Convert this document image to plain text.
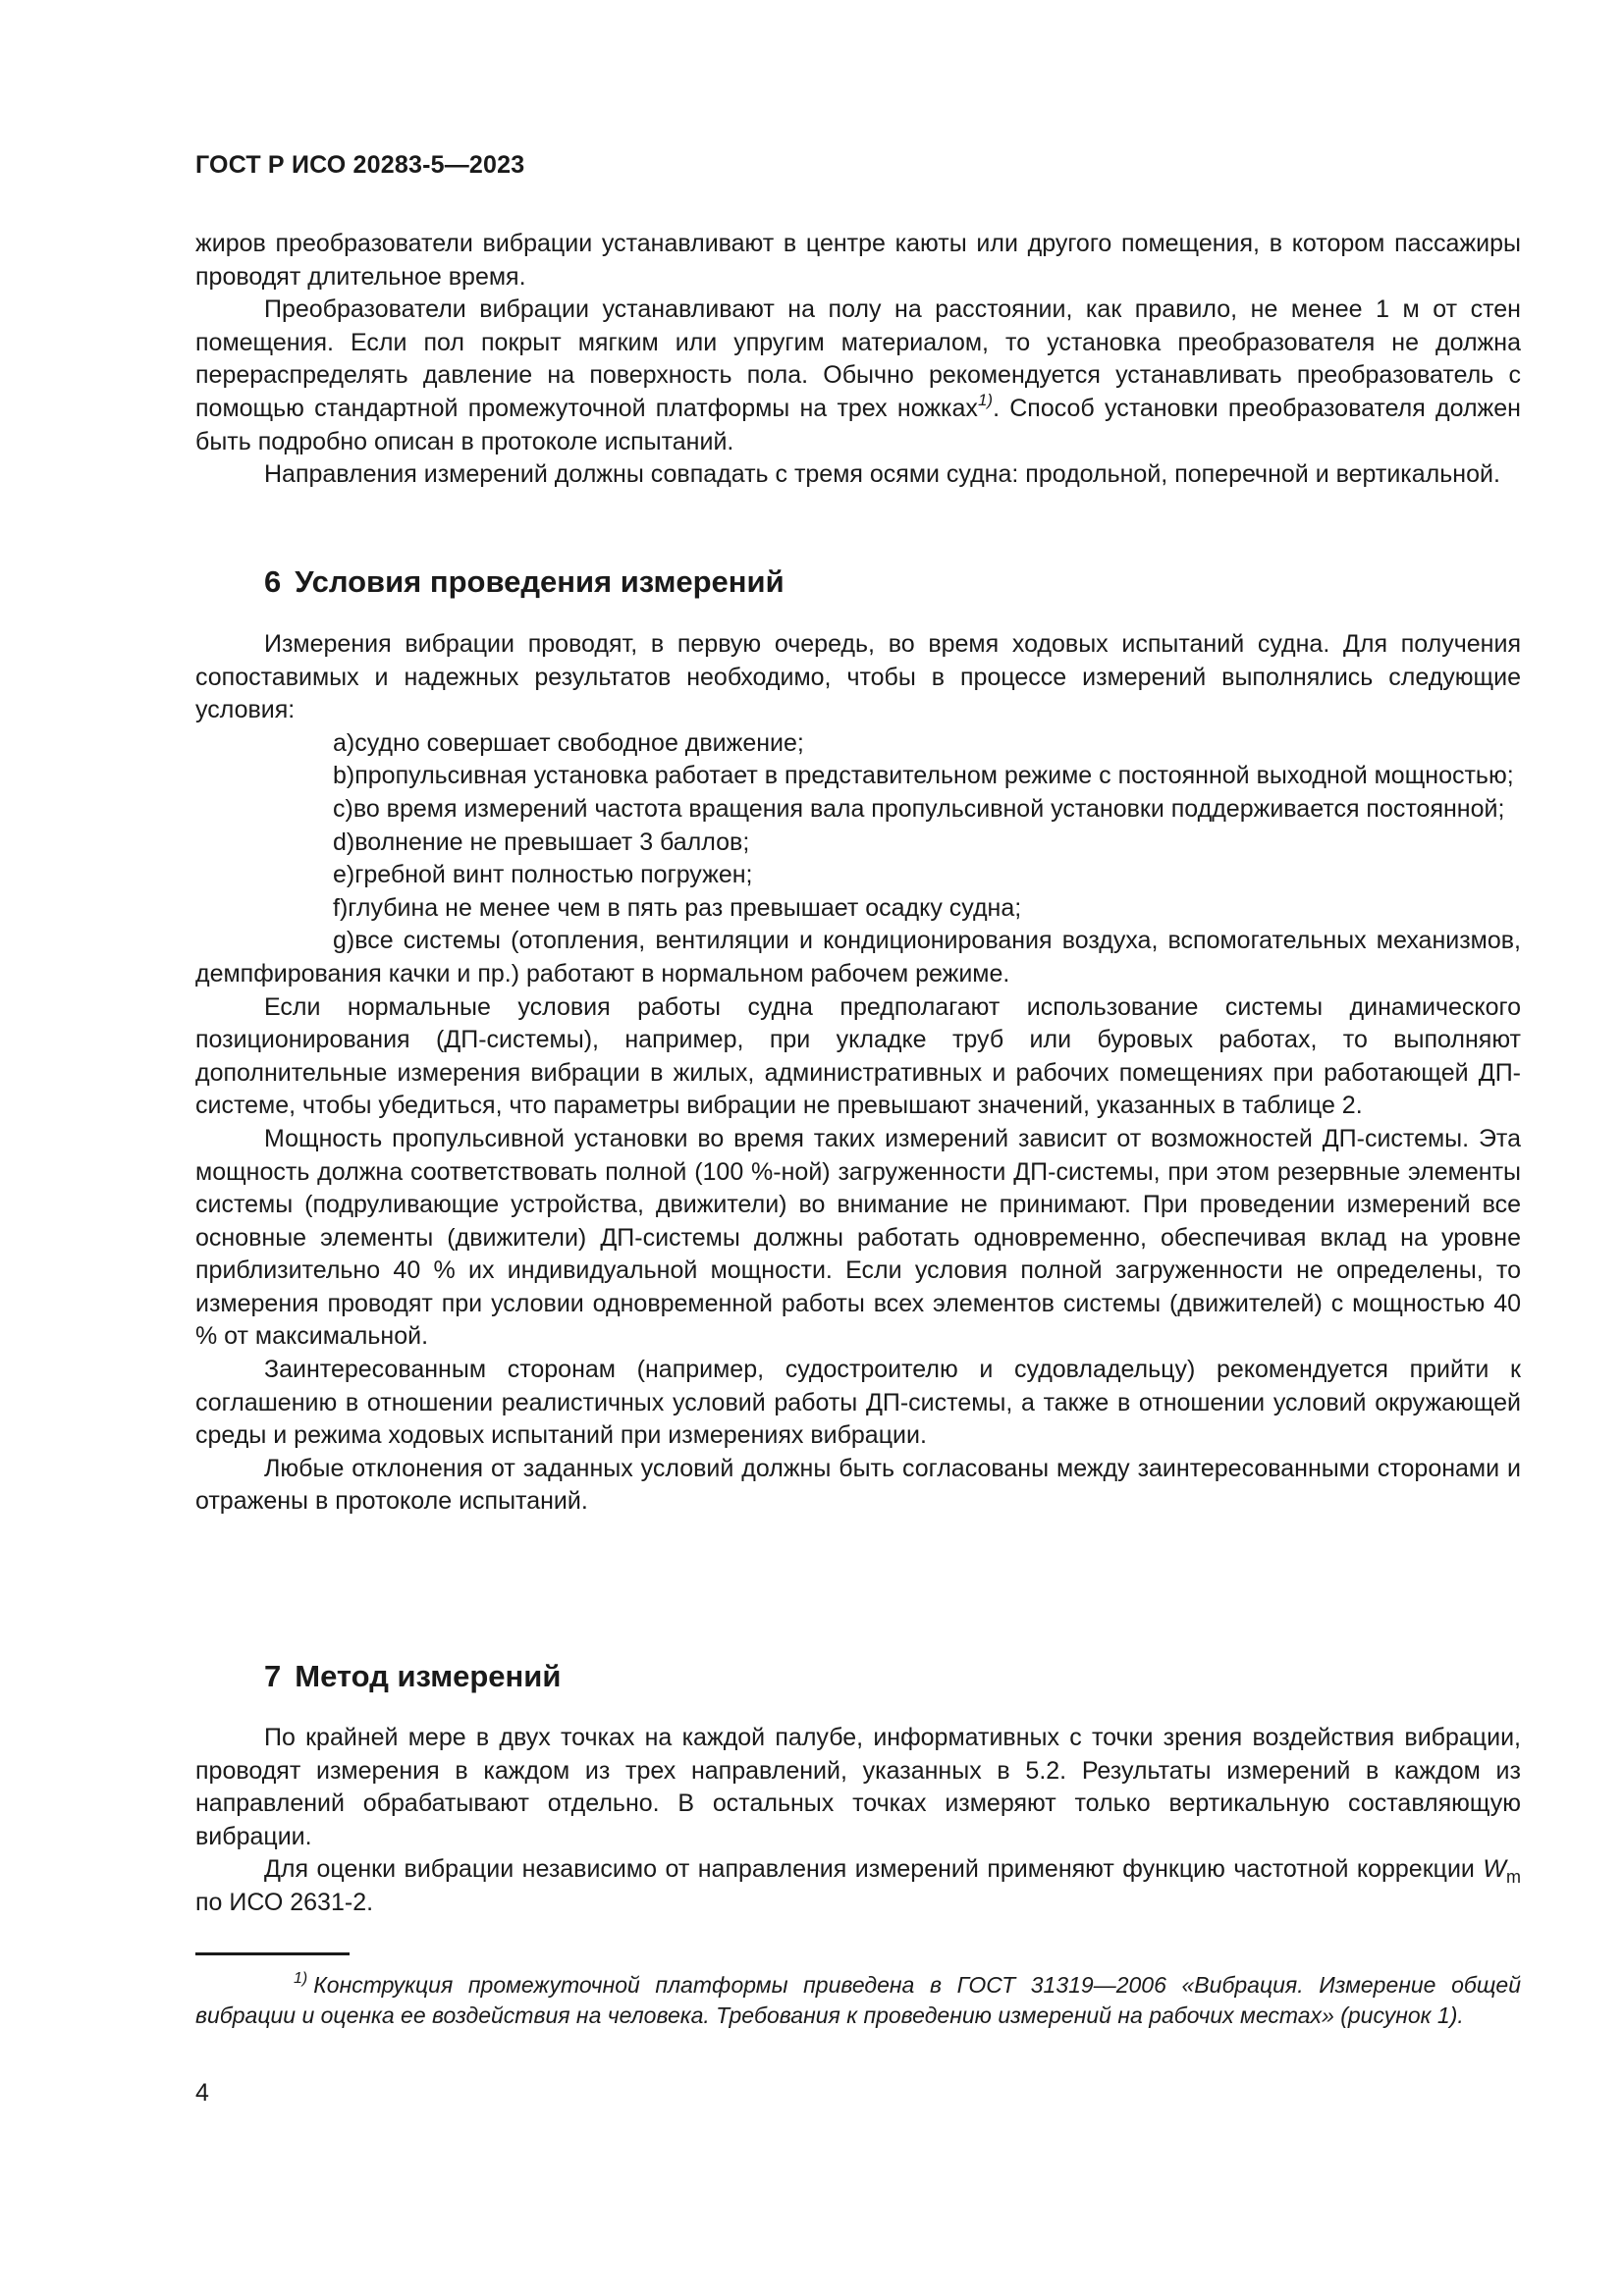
ГОСТ Р ИСО 20283-5—2023

жиров преобразователи вибрации устанавливают в центре каюты или другого помещения, в котором пассажиры проводят длительное время.

Преобразователи вибрации устанавливают на полу на расстоянии, как правило, не менее 1 м от стен помещения. Если пол покрыт мягким или упругим материалом, то установка преобразователя не должна перераспределять давление на поверхность пола. Обычно рекомендуется устанавливать преобразователь с помощью стандартной промежуточной платформы на трех ножках$^{1)}$. Способ установки преобразователя должен быть подробно описан в протоколе испытаний.

Направления измерений должны совпадать с тремя осями судна: продольной, поперечной и вертикальной.

6 Условия проведения измерений

Измерения вибрации проводят, в первую очередь, во время ходовых испытаний судна. Для получения сопоставимых и надежных результатов необходимо, чтобы в процессе измерений выполнялись следующие условия:

a)судно совершает свободное движение;

b)пропульсивная установка работает в представительном режиме с постоянной выходной мощностью;

c)во время измерений частота вращения вала пропульсивной установки поддерживается постоянной;

d)волнение не превышает 3 баллов;

e)гребной винт полностью погружен;

f)глубина не менее чем в пять раз превышает осадку судна;

g)все системы (отопления, вентиляции и кондиционирования воздуха, вспомогательных механизмов, демпфирования качки и пр.) работают в нормальном рабочем режиме.

Если нормальные условия работы судна предполагают использование системы динамического позиционирования (ДП-системы), например, при укладке труб или буровых работах, то выполняют дополнительные измерения вибрации в жилых, административных и рабочих помещениях при работающей ДП-системе, чтобы убедиться, что параметры вибрации не превышают значений, указанных в таблице 2.

Мощность пропульсивной установки во время таких измерений зависит от возможностей ДП-системы. Эта мощность должна соответствовать полной (100 %-ной) загруженности ДП-системы, при этом резервные элементы системы (подруливающие устройства, движители) во внимание не принимают. При проведении измерений все основные элементы (движители) ДП-системы должны работать одновременно, обеспечивая вклад на уровне приблизительно 40 % их индивидуальной мощности. Если условия полной загруженности не определены, то измерения проводят при условии одновременной работы всех элементов системы (движителей) с мощностью 40 % от максимальной.

Заинтересованным сторонам (например, судостроителю и судовладельцу) рекомендуется прийти к соглашению в отношении реалистичных условий работы ДП-системы, а также в отношении условий окружающей среды и режима ходовых испытаний при измерениях вибрации.

Любые отклонения от заданных условий должны быть согласованы между заинтересованными сторонами и отражены в протоколе испытаний.

7 Метод измерений

По крайней мере в двух точках на каждой палубе, информативных с точки зрения воздействия вибрации, проводят измерения в каждом из трех направлений, указанных в 5.2. Результаты измерений в каждом из направлений обрабатывают отдельно. В остальных точках измеряют только вертикальную составляющую вибрации.

Для оценки вибрации независимо от направления измерений применяют функцию частотной коррекции $W_m$ по ИСО 2631-2.

$^{1)}$ Конструкция промежуточной платформы приведена в ГОСТ 31319—2006 «Вибрация. Измерение общей вибрации и оценка ее воздействия на человека. Требования к проведению измерений на рабочих местах» (рисунок 1).

4
